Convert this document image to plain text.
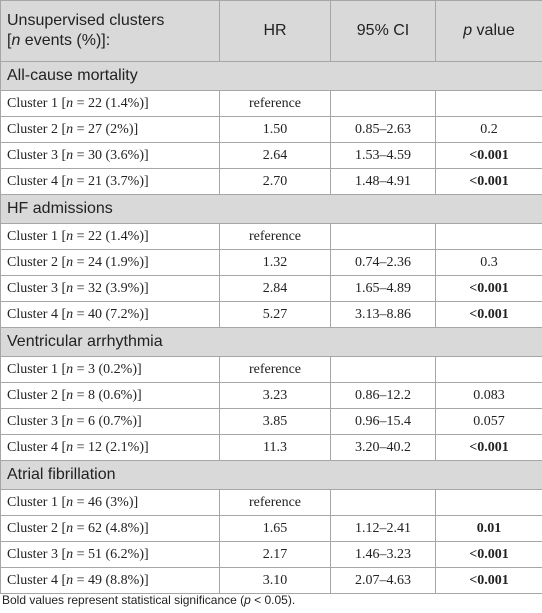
Unsupervised clusters
[n events (%)]:	HR	95% CI	p value
All-cause mortality			
Cluster 1 [n = 22 (1.4%)]	reference		
Cluster 2 [n = 27 (2%)]	1.50	0.85–2.63	0.2
Cluster 3 [n = 30 (3.6%)]	2.64	1.53–4.59	<0.001
Cluster 4 [n = 21 (3.7%)]	2.70	1.48–4.91	<0.001
HF admissions			
Cluster 1 [n = 22 (1.4%)]	reference		
Cluster 2 [n = 24 (1.9%)]	1.32	0.74–2.36	0.3
Cluster 3 [n = 32 (3.9%)]	2.84	1.65–4.89	<0.001
Cluster 4 [n = 40 (7.2%)]	5.27	3.13–8.86	<0.001
Ventricular arrhythmia			
Cluster 1 [n = 3 (0.2%)]	reference		
Cluster 2 [n = 8 (0.6%)]	3.23	0.86–12.2	0.083
Cluster 3 [n = 6 (0.7%)]	3.85	0.96–15.4	0.057
Cluster 4 [n = 12 (2.1%)]	11.3	3.20–40.2	<0.001
Atrial fibrillation			
Cluster 1 [n = 46 (3%)]	reference		
Cluster 2 [n = 62 (4.8%)]	1.65	1.12–2.41	0.01
Cluster 3 [n = 51 (6.2%)]	2.17	1.46–3.23	<0.001
Cluster 4 [n = 49 (8.8%)]	3.10	2.07–4.63	<0.001
Bold values represent statistical significance (p < 0.05).
